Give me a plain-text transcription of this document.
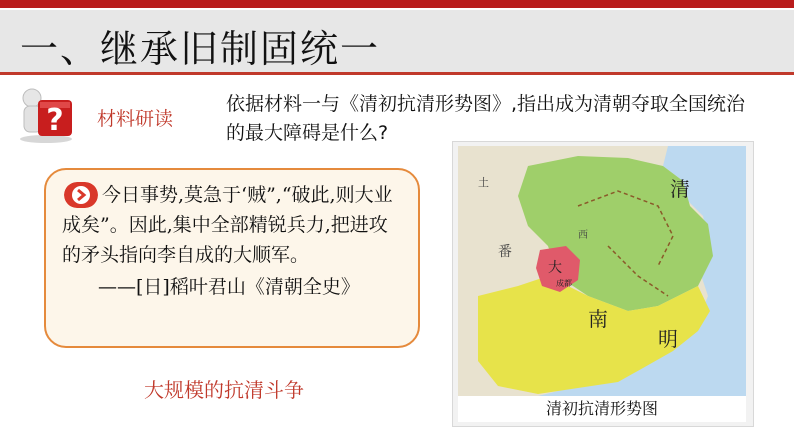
一、继承旧制固统一
? 材料研读
依据材料一与《清初抗清形势图》,指出成为清朝夺取全国统治的最大障碍是什么?
今日事势,莫急于‘贼”,“破此,则大业成矣”。因此,集中全部精锐兵力,把进攻的矛头指向李自成的大顺军。
——[日]稻叶君山《清朝全史》
大规模的抗清斗争
清
南
明
大
成都
土
番
西
清初抗清形势图
